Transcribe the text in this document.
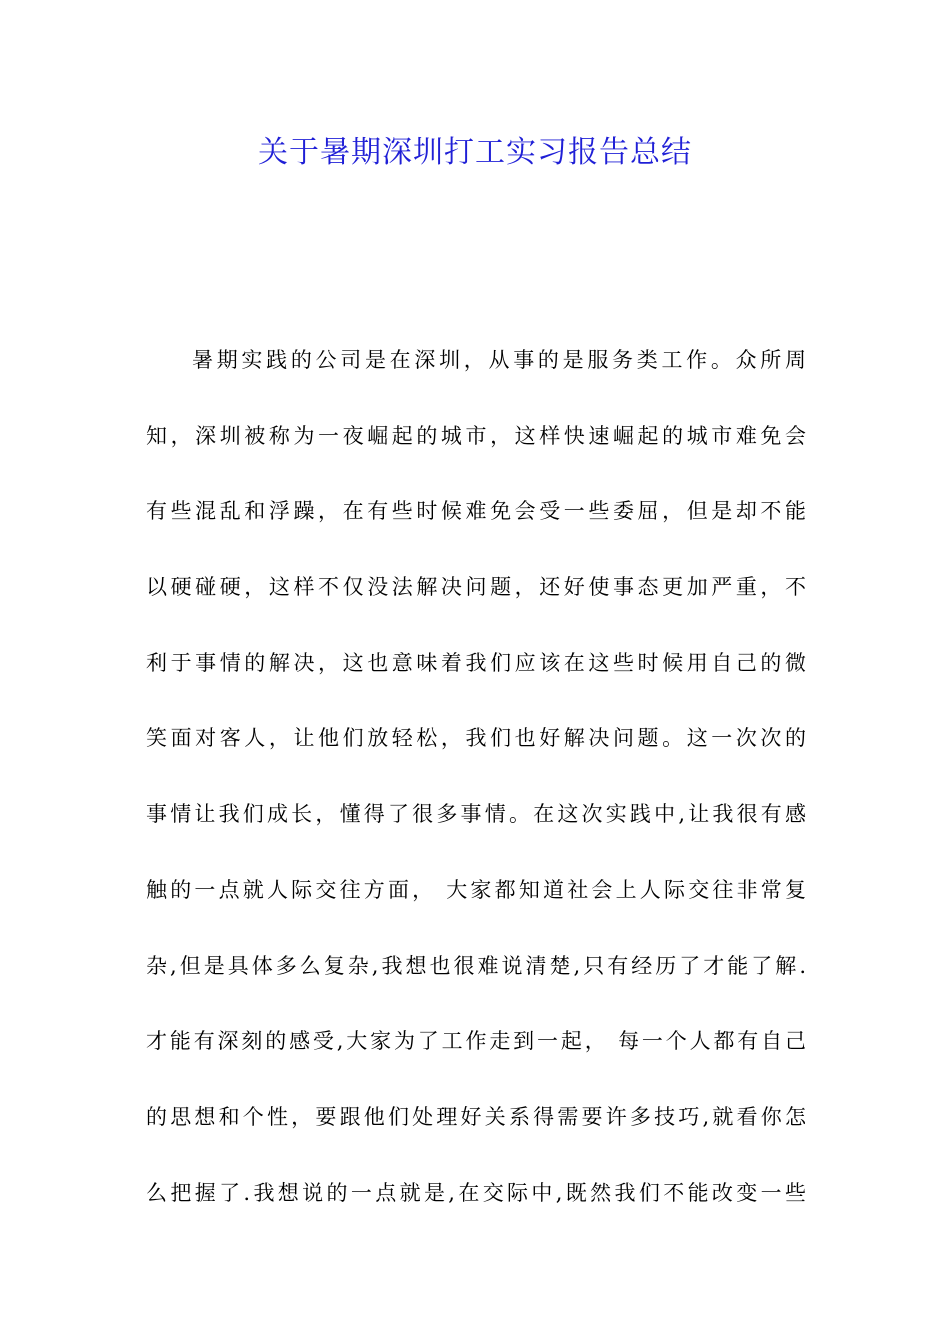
关于暑期深圳打工实习报告总结
暑期实践的公司是在深圳，从事的是服务类工作。众所周
知，深圳被称为一夜崛起的城市，这样快速崛起的城市难免会
有些混乱和浮躁，在有些时候难免会受一些委屈，但是却不能
以硬碰硬，这样不仅没法解决问题，还好使事态更加严重，不
利于事情的解决，这也意味着我们应该在这些时候用自己的微
笑面对客人，让他们放轻松，我们也好解决问题。这一次次的
事情让我们成长，懂得了很多事情。在这次实践中,让我很有感
触的一点就人际交往方面， 大家都知道社会上人际交往非常复
杂,但是具体多么复杂,我想也很难说清楚,只有经历了才能了解.
才能有深刻的感受,大家为了工作走到一起， 每一个人都有自己
的思想和个性，要跟他们处理好关系得需要许多技巧,就看你怎
么把握了.我想说的一点就是,在交际中,既然我们不能改变一些
